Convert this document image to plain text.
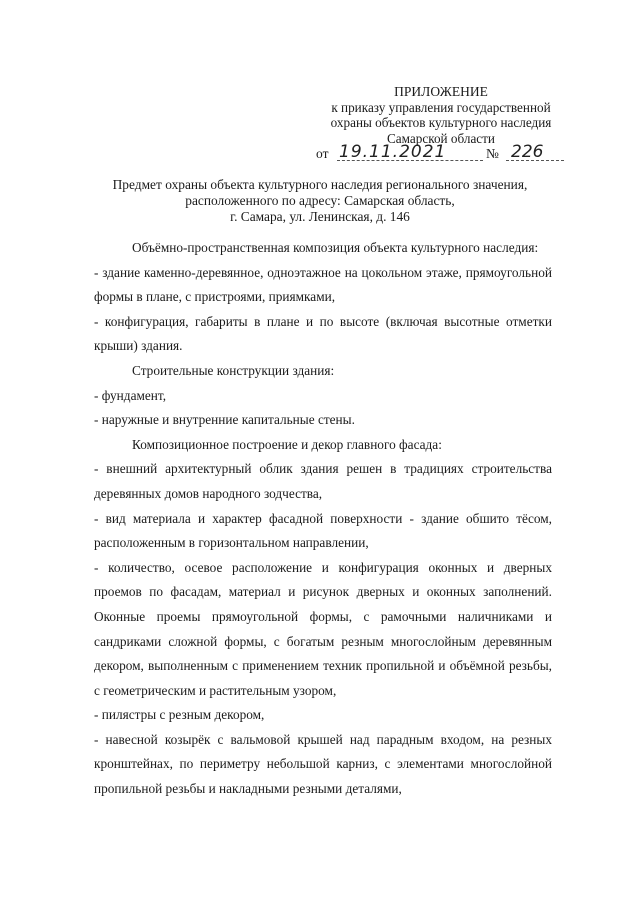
ПРИЛОЖЕНИЕ
к приказу управления государственной
охраны объектов культурного наследия
Самарской области
от 19.11.2021	№ 226
Предмет охраны объекта культурного наследия регионального значения,
расположенного по адресу: Самарская область,
г. Самара, ул. Ленинская, д. 146

Объёмно-пространственная композиция объекта культурного наследия:

- здание каменно-деревянное, одноэтажное на цокольном этаже, прямоугольной формы в плане, с пристроями, приямками,

- конфигурация, габариты в плане и по высоте (включая высотные отметки крыши) здания.

Строительные конструкции здания:

- фундамент,

- наружные и внутренние капитальные стены.

Композиционное построение и декор главного фасада:

- внешний архитектурный облик здания решен в традициях строительства деревянных домов народного зодчества,

- вид материала и характер фасадной поверхности - здание обшито тёсом, расположенным в горизонтальном направлении,

- количество, осевое расположение и конфигурация оконных и дверных проемов по фасадам, материал и рисунок дверных и оконных заполнений. Оконные проемы прямоугольной формы, с рамочными наличниками и сандриками сложной формы, с богатым резным многослойным деревянным декором, выполненным с применением техник пропильной и объёмной резьбы, с геометрическим и растительным узором,

- пилястры с резным декором,

- навесной козырёк с вальмовой крышей над парадным входом, на резных кронштейнах, по периметру небольшой карниз, с элементами многослойной пропильной резьбы и накладными резными деталями,
